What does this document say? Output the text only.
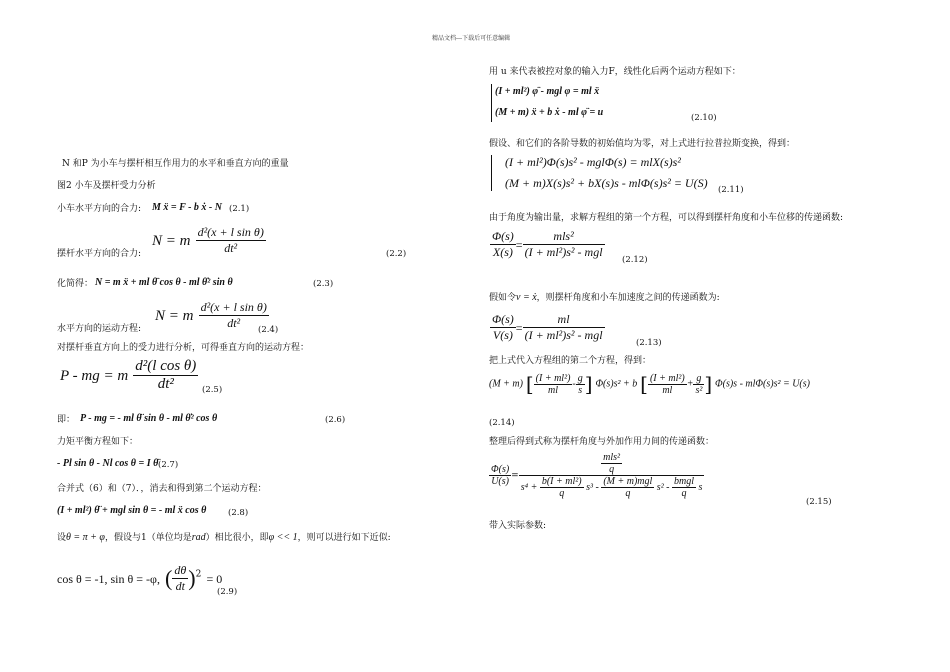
精品文档---下载后可任意编辑
N 和P 为小车与摆杆相互作用力的水平和垂直方向的重量
图2 小车及摆杆受力分析
小车水平方向的合力: M ẍ = F - b ẋ - N (2.1)
N = m $\frac{\text{d²(x + l sin θ)}}{\text{dt²}}$
摆杆水平方向的合力:	(2.2)
化简得： N = m ẍ + ml θ̈ cos θ - ml θ̇² sin θ	(2.3)
N = m $\frac{\text{d²(x + l sin θ)}}{\text{dt²}}$
水平方向的运动方程:	(2.4)
对摆杆垂直方向上的受力进行分析，可得垂直方向的运动方程：
P - mg = m $\frac{\text{d²(l cos θ)}}{\text{dt²}} (2.5)$
即： P - mg = - ml θ̈ sin θ - ml θ̇² cos θ	(2.6)
力矩平衡方程如下：
- Pl sin θ - Nl cos θ = I θ̈ (2.7)
合并式（6）和（7）．，消去和得到第二个运动方程：
(I + ml²) θ̈ + mgl sin θ = - ml ẍ cos θ	(2.8)
设θ = π + φ，假设与1（单位均是rad）相比很小，即φ << 1，则可以进行如下近似:
cos θ = -1, sin θ = -φ, ( $\frac{d\theta}{dt} )^2 = 0$
(2.9)
用 u 来代表被控对象的输入力F，线性化后两个运动方程如下：
(I + ml²) φ̈ - mgl φ = ml ẍ
(M + m) ẍ + b ẋ - ml φ̈ = u	(2.10)
假设、和它们的各阶导数的初始值均为零，对上式进行拉普拉斯变换，得到：
(I + ml²)Φ(s)s² - mglΦ(s) = mlX(s)s²
(M + m)X(s)s² + bX(s)s - mlΦ(s)s² = U(S) (2.11)
由于角度为输出量，求解方程组的第一个方程，可以得到摆杆角度和小车位移的传递函数:
$\frac{\Phi(s)}{X(s)} = \frac{\text{mls²}}{\text{(I + ml²)s² - mgl}} (2.12)$
假如令v = ẋ，则摆杆角度和小车加速度之间的传递函数为:
$\frac{\Phi(s)}{V(s)} = \frac{ml}{\text{(I + ml²)s² - mgl}}$	(2.13)
把上式代入方程组的第二个方程，得到：
(M + m) [ $\frac{\text{(I + ml²)}}{ml} - \frac{g}{s}$ ] Φ(s)s² + b [ $\frac{\text{(I + ml²)}}{ml} + \frac{g}{\text{s²}}$ ] Φ(s)s - mlΦ(s)s² = U(s)
(2.14)
整理后得到式称为摆杆角度与外加作用力间的传递函数：
$\frac{\Phi(s)}{U(s)}$ =
$\frac{\text{mls²}}{q}$
$s^4 + \frac{\text{b(I + ml²)}}{q} s^3 - \frac{\text{(M + m)mgl}}{q} s^2 - \frac{\text{bmgl}}{q}$ s
(2.15)
带入实际参数:
